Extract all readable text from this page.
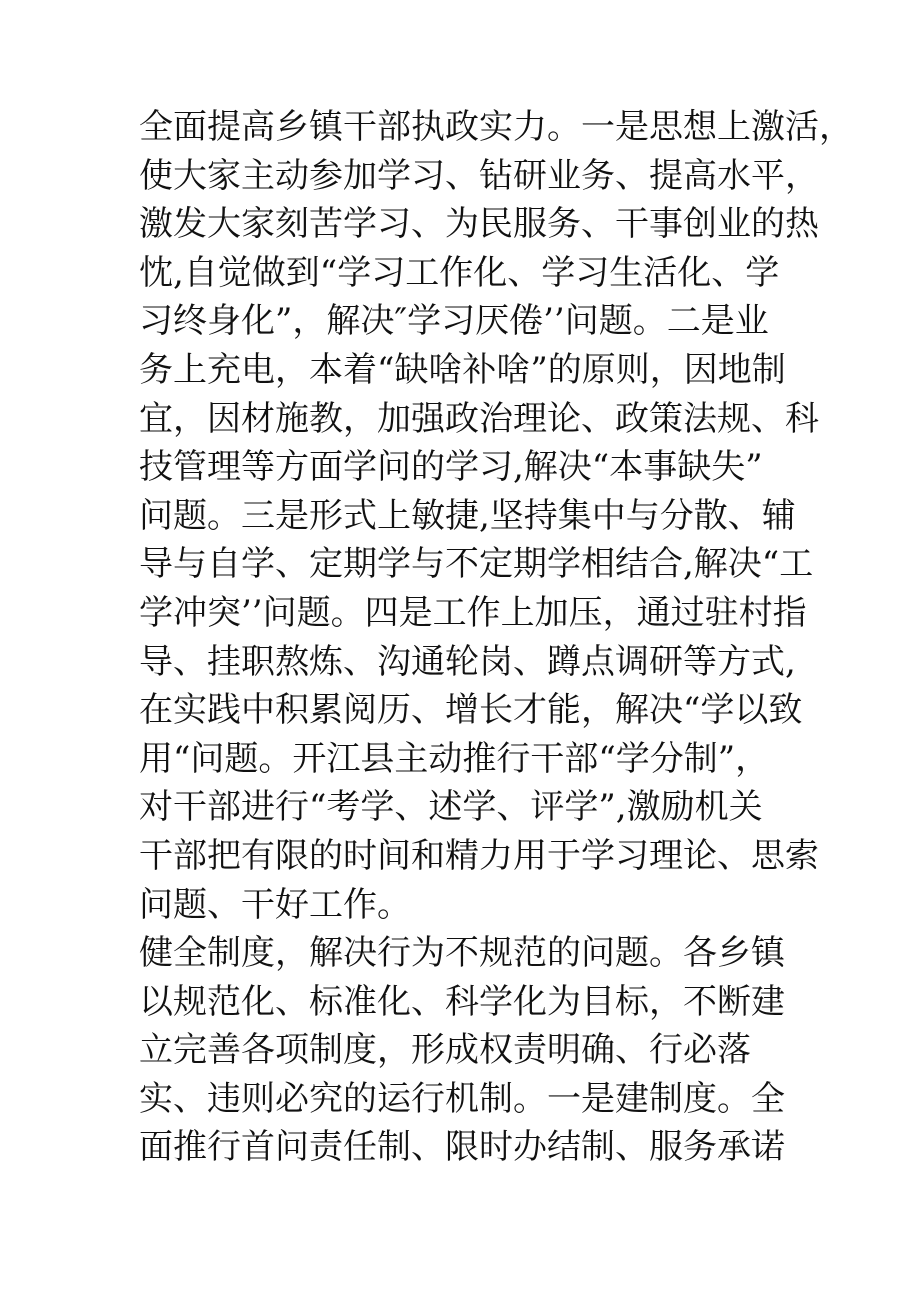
全面提高乡镇干部执政实力。一是思想上激活，
使大家主动参加学习、钻研业务、提高水平，
激发大家刻苦学习、为民服务、干事创业的热
忱,自觉做到“学习工作化、学习生活化、学
习终身化”，解决″学习厌倦’’问题。二是业
务上充电，本着“缺啥补啥”的原则，因地制
宜，因材施教，加强政治理论、政策法规、科
技管理等方面学问的学习,解决“本事缺失”
问题。三是形式上敏捷,坚持集中与分散、辅
导与自学、定期学与不定期学相结合,解决“工
学冲突’’问题。四是工作上加压，通过驻村指
导、挂职熬炼、沟通轮岗、蹲点调研等方式,
在实践中积累阅历、增长才能，解决“学以致
用“问题。开江县主动推行干部“学分制”，
对干部进行“考学、述学、评学”,激励机关
干部把有限的时间和精力用于学习理论、思索
问题、干好工作。
健全制度，解决行为不规范的问题。各乡镇
以规范化、标准化、科学化为目标，不断建
立完善各项制度，形成权责明确、行必落
实、违则必究的运行机制。一是建制度。全
面推行首问责任制、限时办结制、服务承诺
